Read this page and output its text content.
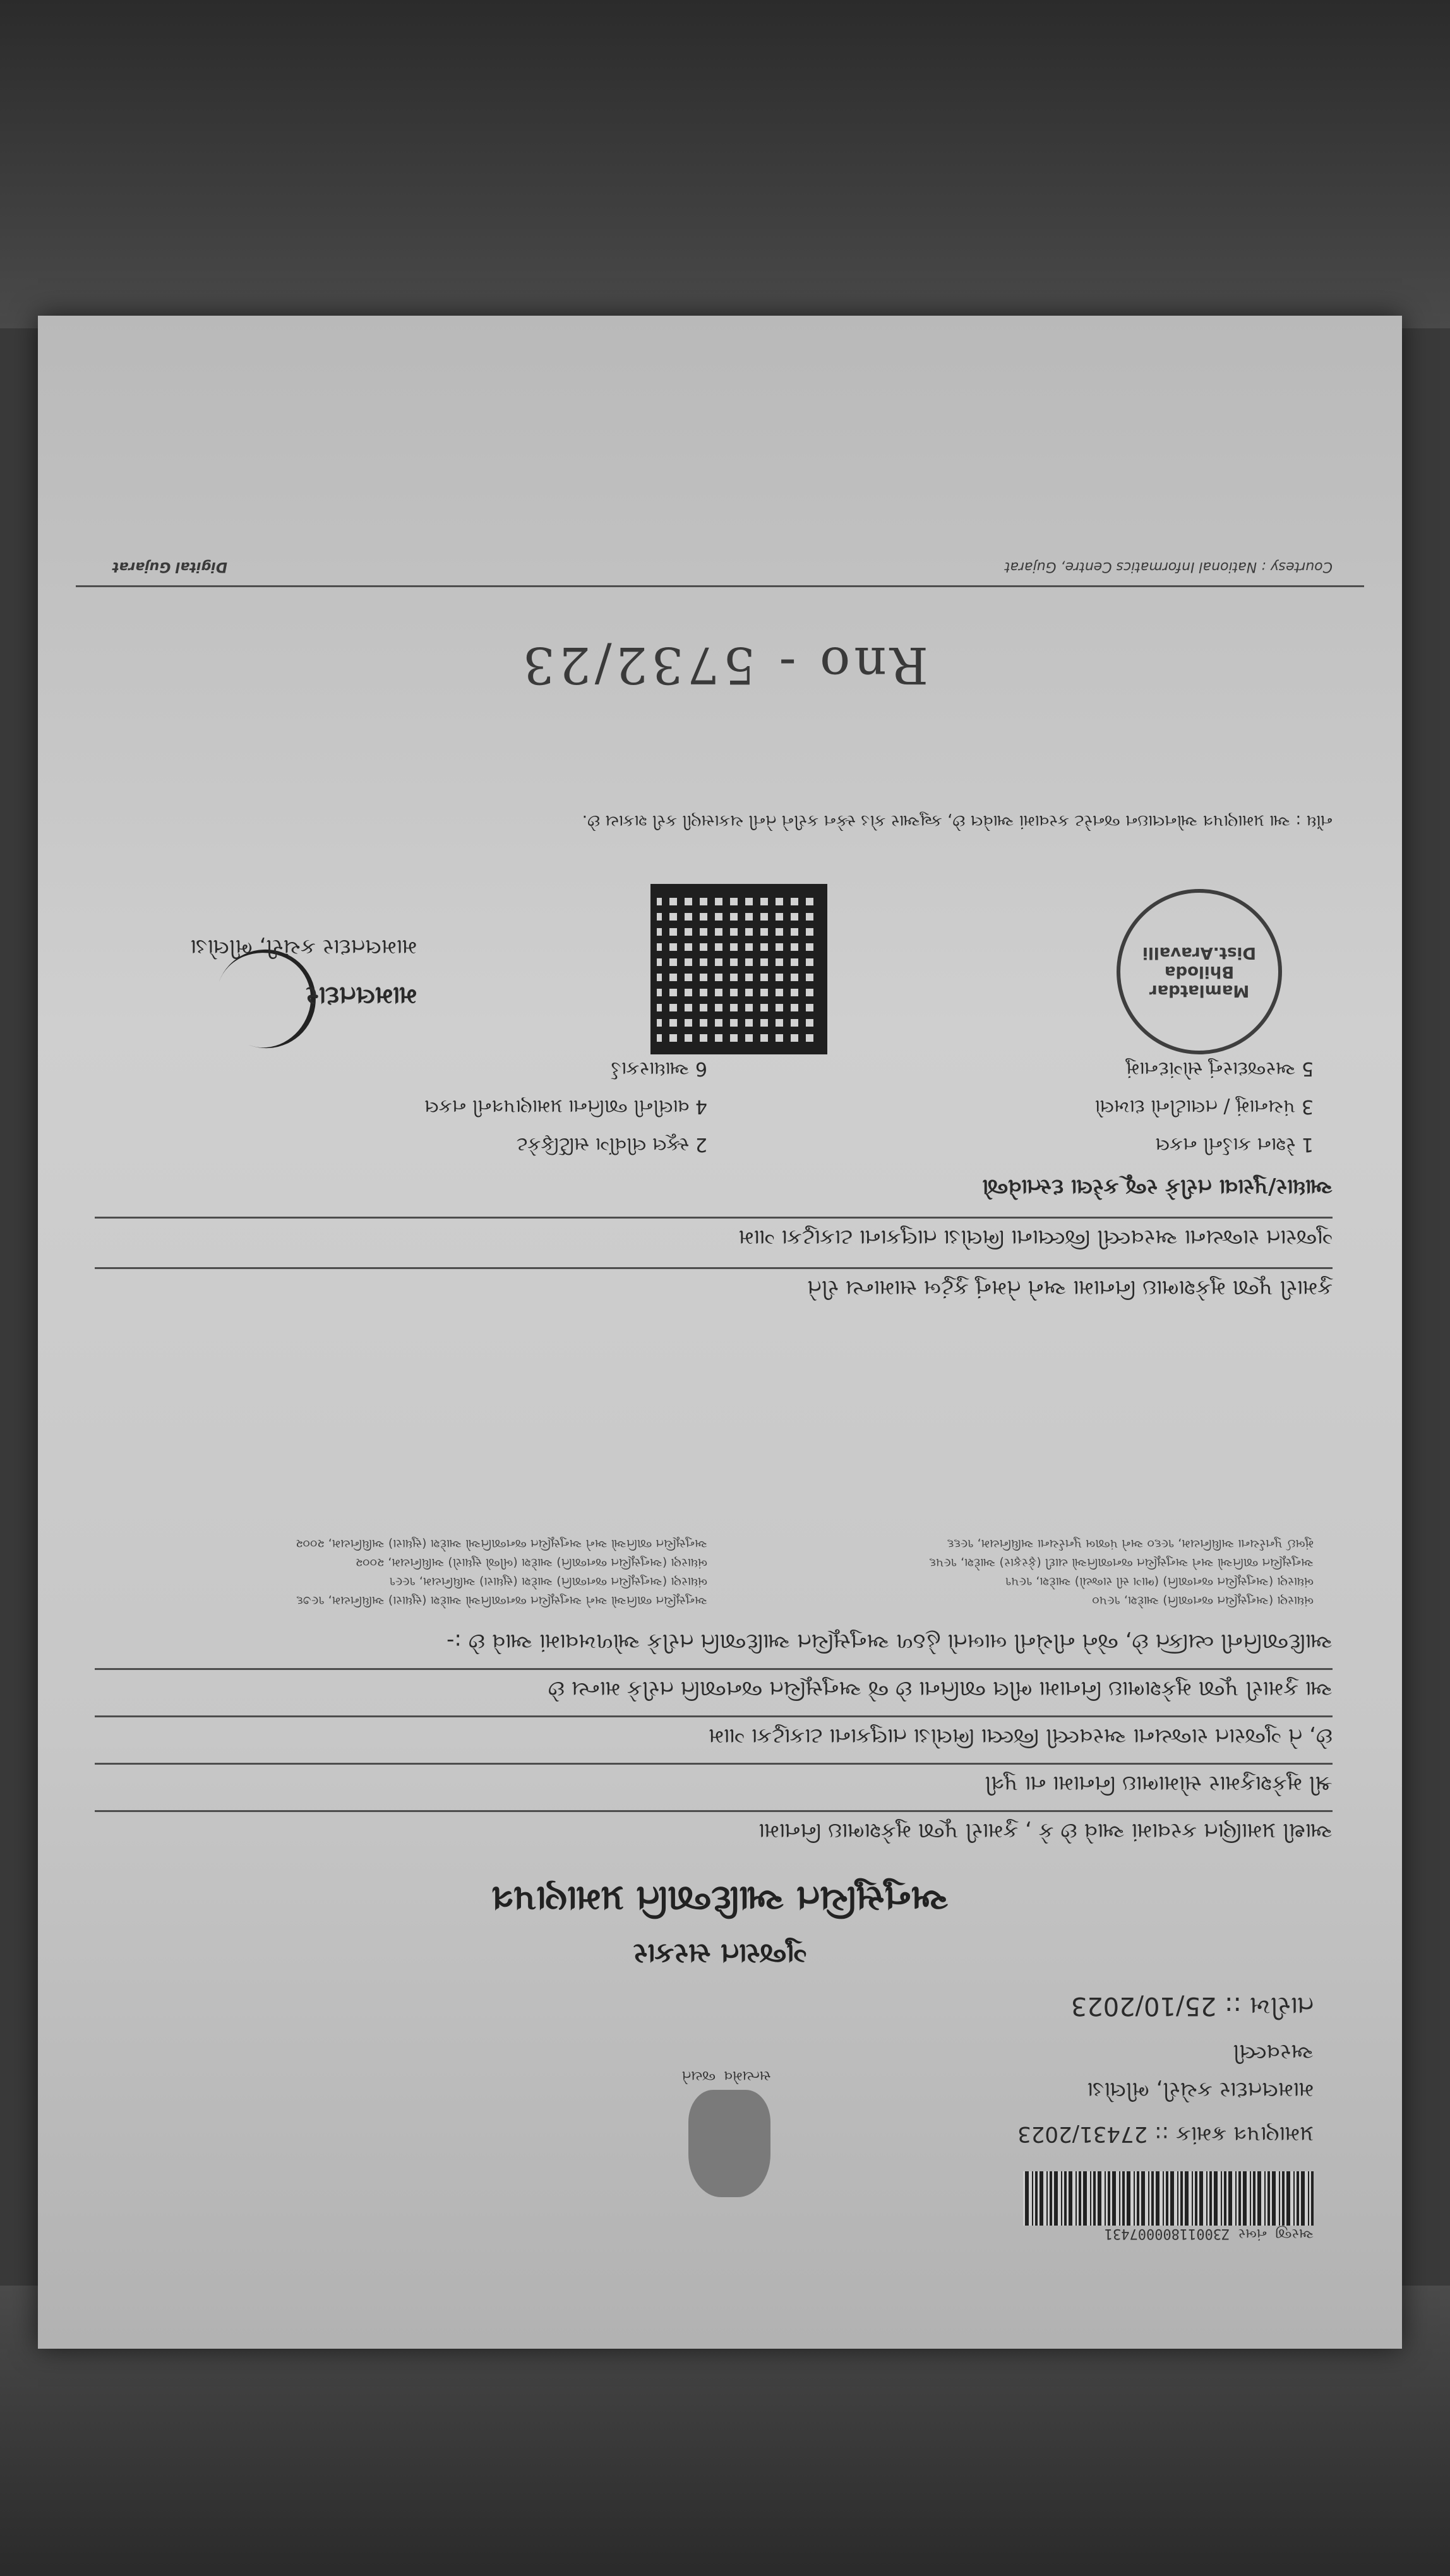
અરજી નંબર Z30011800007431
સત્યમેવ જયતે
પ્રમાણપત્ર ક્રમાંક :: 27431/2023
મામલતદાર કચેરી, ભીલોડા
અરવલ્લી
તારીખ :: 25/10/2023
ગુજરાત સરકાર
અનુસુચિત આદિજાતિ પ્રમાણપત્ર
આથી પ્રમાણિત કરવામાં આવે છે કે , કુમારી પૂજા મુકેશભાઇ નિનામા
શ્રી મુકેશકુમાર સોમાભાઇ નિનામા ના પુત્રી
છે, તે ગુજરાત રાજ્યના અરવલ્લી જિલ્લા ભિલોડા તાલુકાના ટાકાટુકા ગામ
આ કુમારી પૂજા મુકેશભાઇ નિનામા ભીલ જાતિના છે જે અનુસૂચિત જનજાતિ તરીકે માન્ય છે
આદિજાતિની વ્યક્તિ છે, જેને નીચેની બાબતો હેઠળ અનુસૂચિત આદિજાતિ તરીકે ઓળખવામાં આવે છે :-
બંધારણ (અનુસૂચિત જનજાતિ) આદેશ, ૧૯૫૦
બંધારણ (અનુસૂચિત જનજાતિ) (ભાગ સી રાજ્યો) આદેશ, ૧૯૫૧
અનુસૂચિત જાતિઓ અને અનુસૂચિત જનજાતિઓ યાદી (ફેરફાર) આદેશ, ૧૯૫૬
મુંબઈ પુનર્રચના અધિનિયમ, ૧૯૬૦ અને પંજાબ પુનર્રચના અધિનિયમ, ૧૯૬૬
અનુસૂચિત જાતિઓ અને અનુસૂચિત જનજાતિઓ આદેશ (સુધારા) અધિનિયમ, ૧૯૭૬
બંધારણ (અનુસૂચિત જનજાતિ) આદેશ (સુધારા) અધિનિયમ, ૧૯૯૧
બંધારણ (અનુસૂચિત જનજાતિ) આદેશ (બીજો સુધારો) અધિનિયમ, ૨૦૦૨
અનુસૂચિત જાતિઓ અને અનુસૂચિત જનજાતિઓ આદેશ (સુધારા) અધિનિયમ, ૨૦૦૨
કુમારી પૂજા મુકેશભાઇ નિનામા અને તેમનું કુટુંબ સામાન્ય રીતે
ગુજરાત રાજ્યના અરવલ્લી જિલ્લાના ભિલોડા તાલુકાના ટાકાટુકા ગામ
આધાર/પુરાવા તરીકે રજૂ કરેલા દસ્તાવેજો
1 રેશન કાર્ડની નકલ
2 સ્કૂલ લીવીંગ સર્ટિફિકેટ
3 પંચનામું / તલાટીનો દાખલો
4 વાલીની જાતિના પ્રમાણપત્રની નકલ
5 અરજદારનું સોગંદનામું
6 આધારકાર્ડ
મામલતદાર
મામલતદાર કચેરી, ભીલોડા
Mamlatdar Bhiloda Dist.Aravalli
નોંધ : આ પ્રમાણપત્ર ઓનલાઇન જનરેટ કરવામાં આવેલ છે, ક્યુઆર કોડ સ્કેન કરીને તેની ચકાસણી કરી શકાય છે.
Rno - 5732/23
Courtesy : National Informatics Centre, Gujarat
Digital Gujarat
